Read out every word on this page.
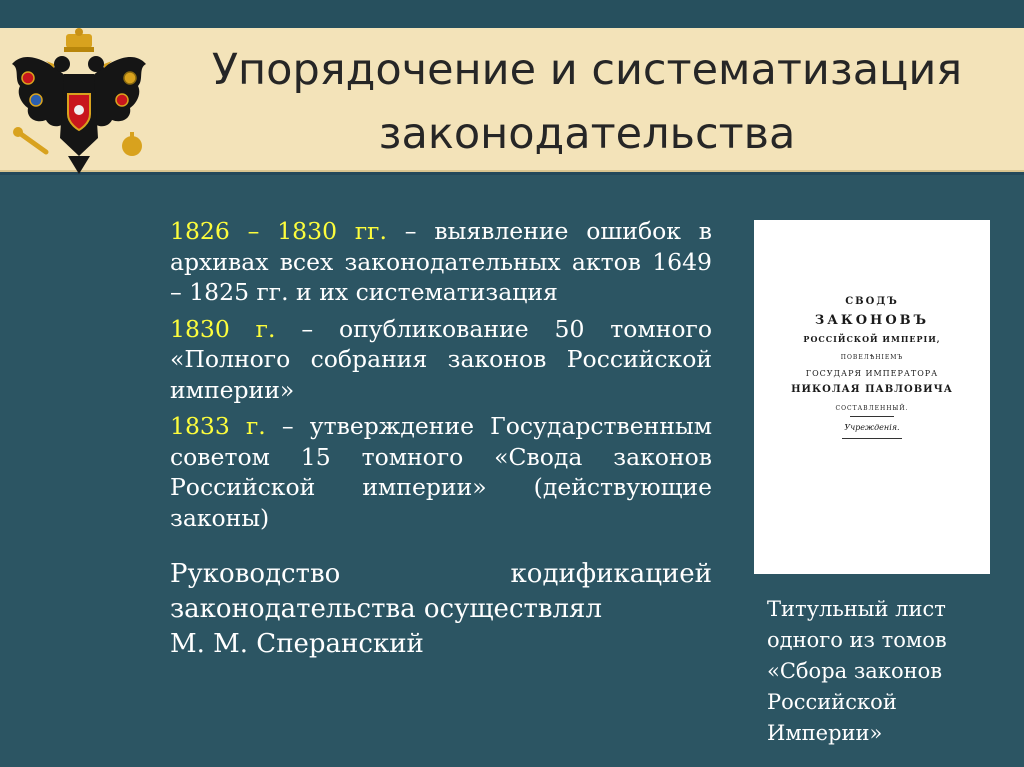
Упорядочение и систематизация
законодательства

1826 – 1830 гг. – выявление ошибок в архивах всех законодательных актов 1649 – 1825 гг. и их систематизация

1830 г. – опубликование 50 томного «Полного собрания законов Российской империи»

1833 г. – утверждение Государственным советом 15 томного «Свода законов Российской империи» (действующие законы)

Руководство кодификацией законодательства осуществлял
М. М. Сперанский
СВОДЪ
ЗАКОНОВЪ
РОССІЙСКОЙ ИМПЕРІИ,
ПОВЕЛѢНІЕМЪ
ГОСУДАРЯ ИМПЕРАТОРА
НИКОЛАЯ ПАВЛОВИЧА
СОСТАВЛЕННЫЙ.
Учрежденія.
Титульный лист одного из томов «Сбора законов Российской Империи»
